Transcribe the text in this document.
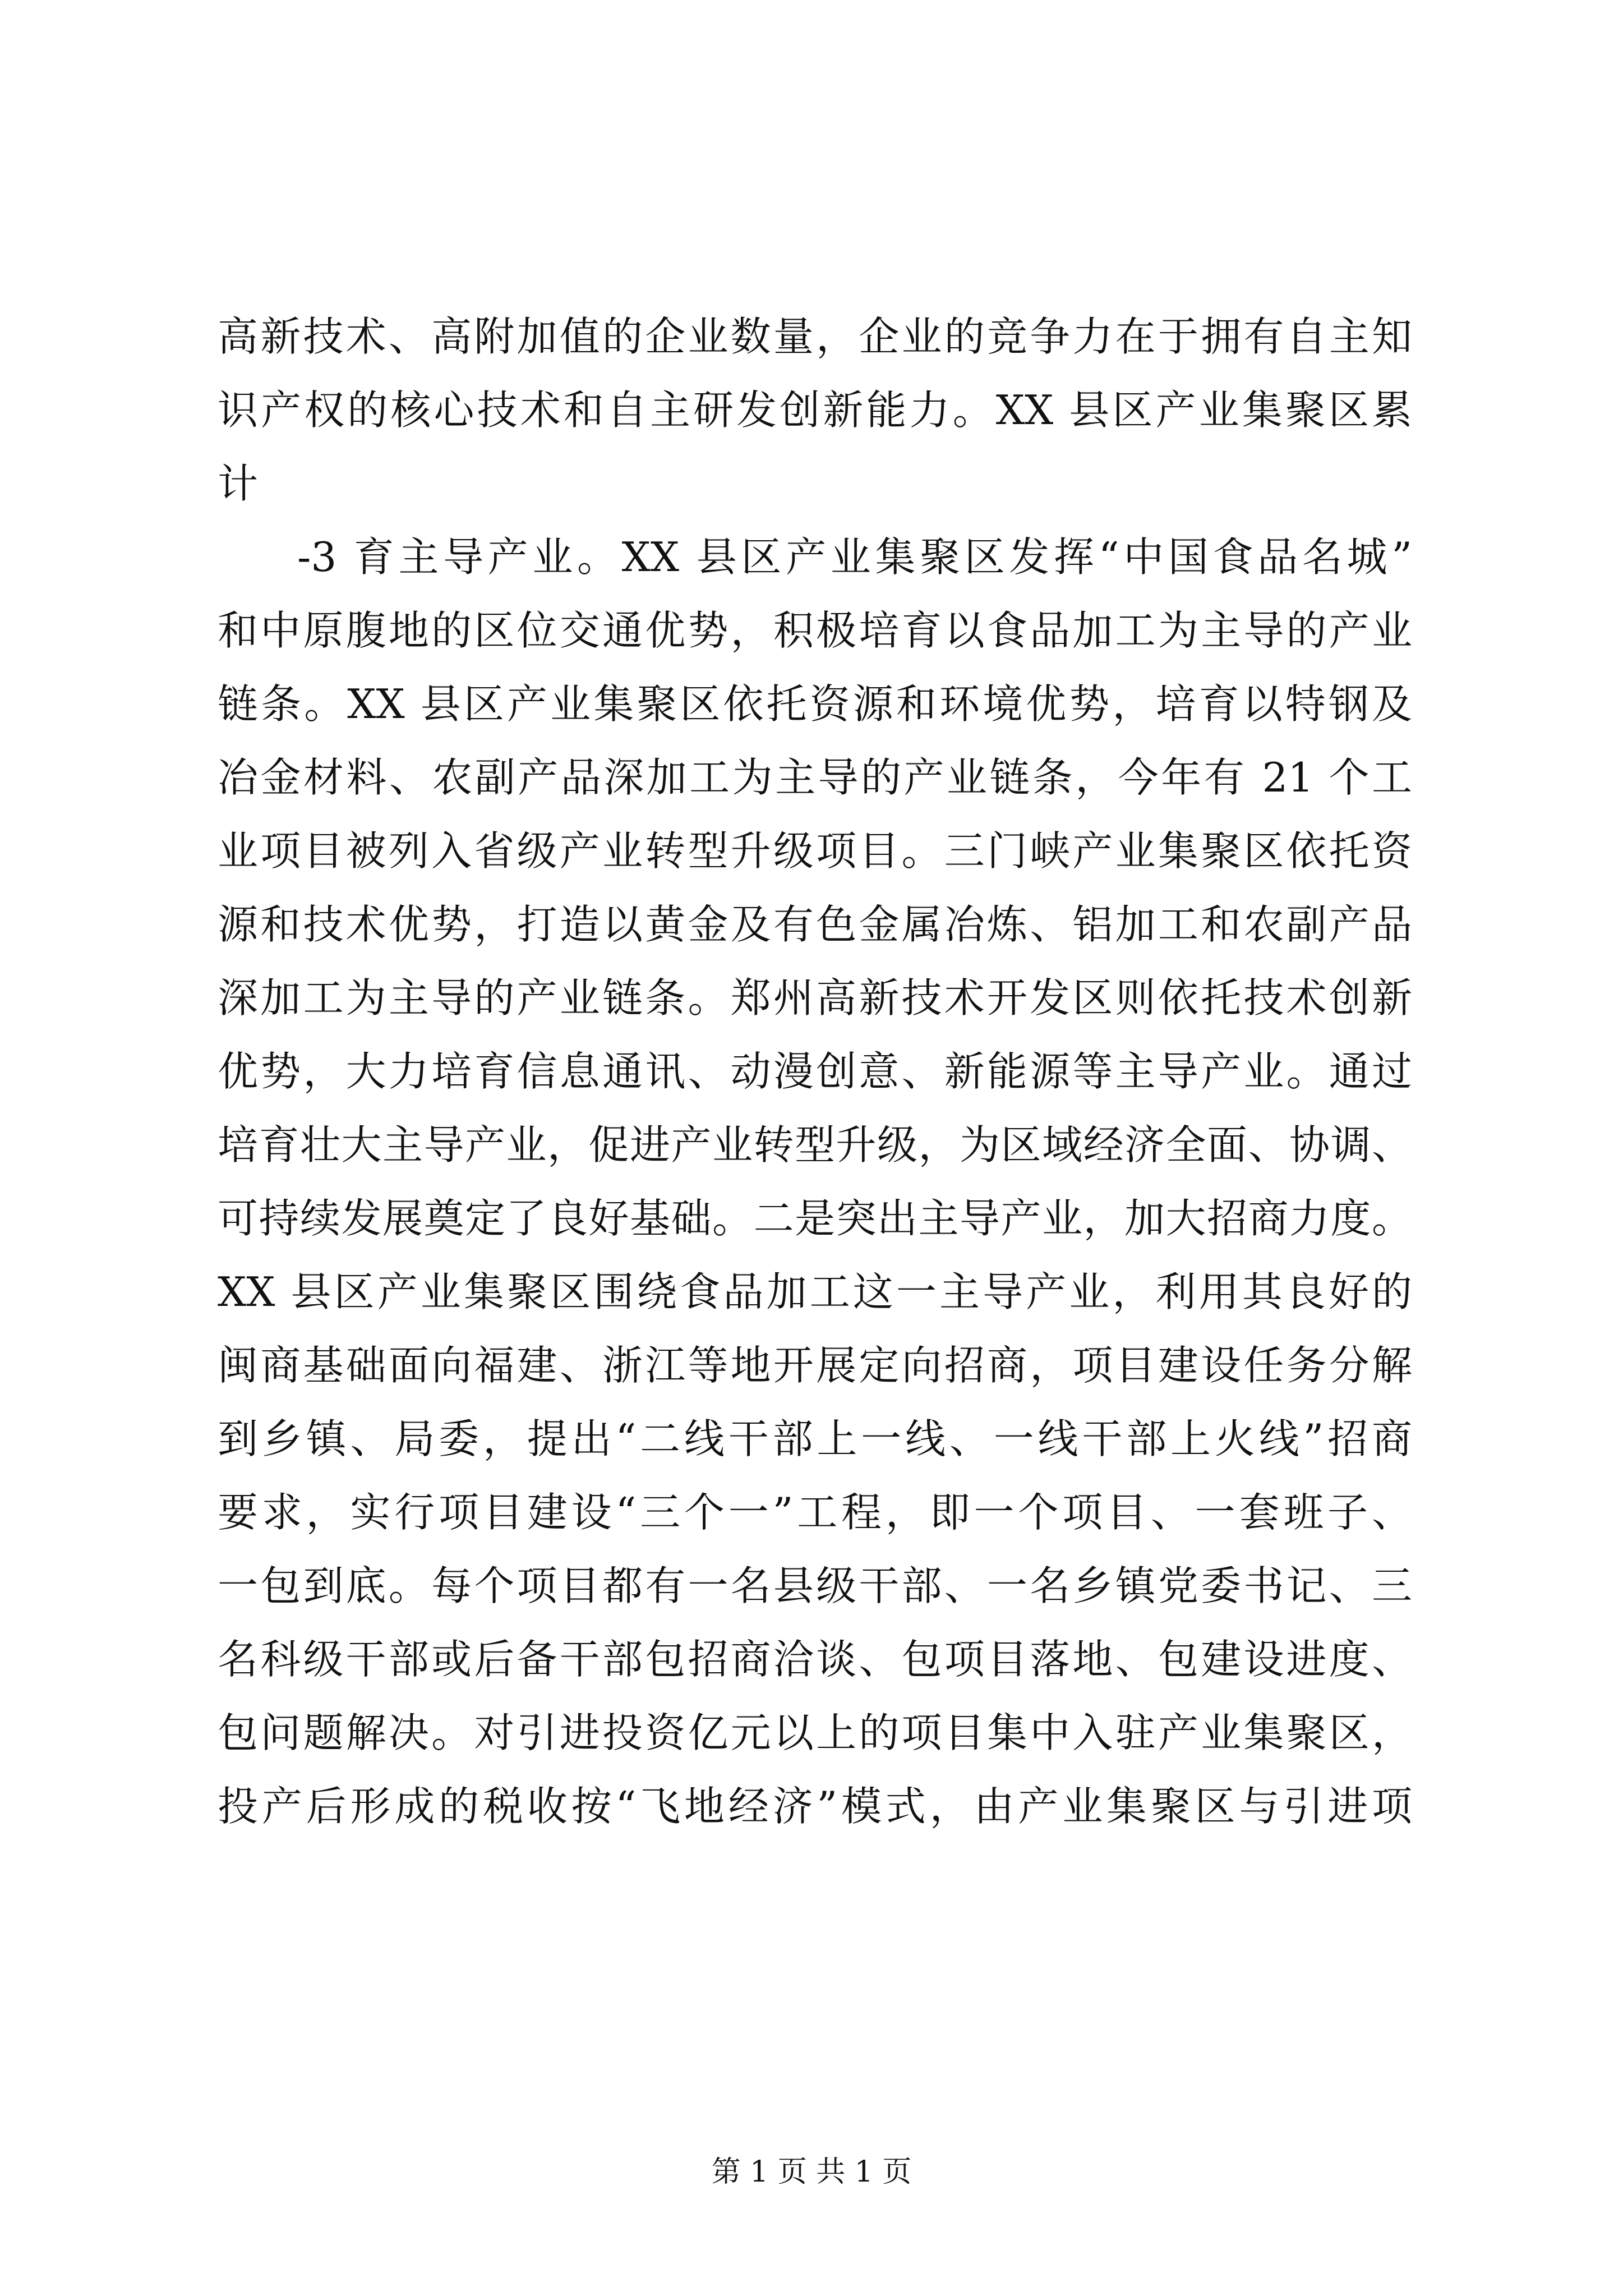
高新技术、高附加值的企业数量，企业的竞争力在于拥有自主知
识产权的核心技术和自主研发创新能力。XX 县区产业集聚区累
计
-3 育主导产业。XX 县区产业集聚区发挥“中国食品名城”
和中原腹地的区位交通优势，积极培育以食品加工为主导的产业
链条。XX 县区产业集聚区依托资源和环境优势，培育以特钢及
冶金材料、农副产品深加工为主导的产业链条，今年有 21 个工
业项目被列入省级产业转型升级项目。三门峡产业集聚区依托资
源和技术优势，打造以黄金及有色金属冶炼、铝加工和农副产品
深加工为主导的产业链条。郑州高新技术开发区则依托技术创新
优势，大力培育信息通讯、动漫创意、新能源等主导产业。通过
培育壮大主导产业，促进产业转型升级，为区域经济全面、协调、
可持续发展奠定了良好基础。二是突出主导产业，加大招商力度。
XX 县区产业集聚区围绕食品加工这一主导产业，利用其良好的
闽商基础面向福建、浙江等地开展定向招商，项目建设任务分解
到乡镇、局委，提出“二线干部上一线、一线干部上火线”招商
要求，实行项目建设“三个一”工程，即一个项目、一套班子、
一包到底。每个项目都有一名县级干部、一名乡镇党委书记、三
名科级干部或后备干部包招商洽谈、包项目落地、包建设进度、
包问题解决。对引进投资亿元以上的项目集中入驻产业集聚区，
投产后形成的税收按“飞地经济”模式，由产业集聚区与引进项
第 1 页 共 1 页
